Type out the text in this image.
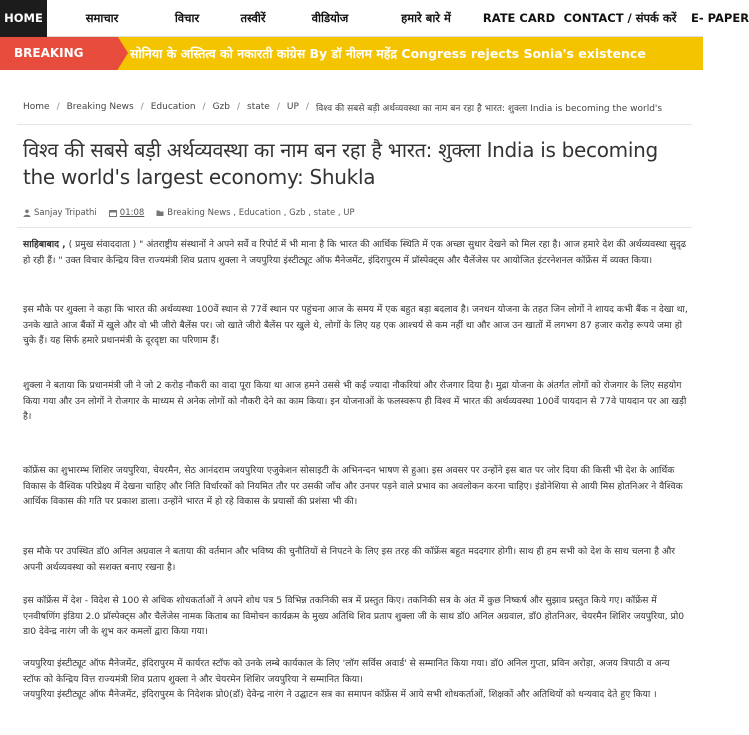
HOME	समाचार	विचार	तस्वीरें	वीडियोज	हमारे बारे में	RATE CARD CONTACT / संपर्क करें	E- PAPER
BREAKING	सोनिया के अस्तित्व को नकारती कांग्रेस By डॉ नीलम महेंद्र Congress rejects Sonia's existence
Home / Breaking News / Education / Gzb / state / UP / विश्व की सबसे बड़ी अर्थव्यवस्था का नाम बन रहा है भारत: शुक्ला India is becoming the world's
विश्व की सबसे बड़ी अर्थव्यवस्था का नाम बन रहा है भारत: शुक्ला India is becoming the world's largest economy: Shukla
Sanjay Tripathi	01:08	Breaking News , Education , Gzb , state , UP

साहिबाबाद , ( प्रमुख संवाददाता ) " अंतराष्ट्रीय संस्थानों ने अपने सर्वे व रिपोर्ट में भी माना है कि भारत की आर्थिक स्थिति में एक अच्छा सुधार देखने को मिल रहा है। आज हमारे देश की अर्थव्यवस्था सुदृढ हो रही हैं। " उक्त विचार केन्द्रिय वित्त राज्यमंत्री शिव प्रताप शुक्ला ने जयपुरिया इंस्टीट्यूट ऑफ मैनेजमेंट, इंदिरापुरम में प्रॉस्पेक्ट्स और चैलेंजेस पर आयोजित इंटरनेशनल कॉफ्रेंस में व्यक्त किया।

इस मौके पर शुक्ला ने कहा कि भारत की अर्थव्यस्था 100वें स्थान से 77वें स्थान पर पहुंचना आज के समय में एक बहुत बड़ा बदलाव है। जनधन योजना के तहत जिन लोगों ने शायद कभी बैंक न देखा था, उनके खाते आज बैंकों में खुले और वो भी जीरो बैलेंस पर। जो खाते जीरो बैलेंस पर खुले थे, लोगों के लिए यह एक आश्चर्य से कम नहीं था और आज उन खातों में लगभग 87 हजार करोड़ रूपये जमा हो चुके हैं। यह सिर्फ हमारे प्रधानमंत्री के दूरदृष्टा का परिणाम हैं।

शुक्ला ने बताया कि प्रधानमंत्री जी ने जो 2 करोड़ नौकरी का वादा पूरा किया था आज हमने उससे भी कई ज्यादा नौकरियां और रोजगार दिया है। मुद्रा योजना के अंतर्गत लोगों को रोजगार के लिए सहयोग किया गया और उन लोगों ने रोजगार के माध्यम से अनेक लोगों को नौकरी देने का काम किया। इन योजनाओं के फलस्वरूप ही विश्व में भारत की अर्थव्यवस्था 100वें पायदान से 77वे पायदान पर आ खड़ी है।

कॉफ्रेंस का शुभारम्भ शिशिर जयपुरिया, चेयरमैन, सेठ आनंदराम जयपुरिया एजुकेशन सोसाइटी के अभिनन्दन भाषण से हुआ। इस अवसर पर उन्होंने इस बात पर जोर दिया की किसी भी देश के आर्थिक विकास के वैश्विक परिप्रेक्ष्य में देखना चाहिए और निति विर्धारकों को नियमित तौर पर उसकी जाँच और उनपर पड़ने वाले प्रभाव का अवलोकन करना चाहिए। इंडोनेशिया से आयी मिस होतनिअर ने वैश्विक आर्थिक विकास की गति पर प्रकाश डाला। उन्होंने भारत में हो रहे विकास के प्रयासों की प्रशंसा भी की।

इस मौके पर उपस्थित डॉ0 अनिल अग्रवाल ने बताया की वर्तमान और भविष्य की चुनौतियों से निपटने के लिए इस तरह की कॉफ्रेंस बहुत मददगार होगी। साथ ही हम सभी को देश के साथ चलना है और अपनी अर्थव्यवस्था को सशक्त बनाए रखना है।

इस कॉफ्रेंस में देश - विदेश से 100 से अधिक शोधकर्ताओं ने अपने शोध पत्र 5 विभिन्न तकनिकी सत्र में प्रस्तुत किए। तकनिकी सत्र के अंत में कुछ निष्कर्ष और सुझाव प्रस्तुत किये गए। कॉफ्रेंस में एनवीषणिंग इंडिया 2.0 प्रॉस्पेक्ट्स और चैलेंजेस नामक किताब का विमोचन कार्यक्रम के मुख्य अतिथि शिव प्रताप शुक्ला जी के साथ डॉ0 अनिल अग्रवाल, डॉ0 होतनिअर, चेयरमैन शिशिर जयपुरिया, प्रो0 डा0 देवेन्द्र नारंग जी के शुभ कर कमलों द्वारा किया गया।

जयपुरिया इंस्टीट्यूट ऑफ मैनेजमेंट, इंदिरापुरम में कार्यरत स्टॉफ को उनके लम्बे कार्यकाल के लिए 'लॉग सर्विस अवार्ड' से सम्मानित किया गया। डॉ0 अनिल गुप्ता, प्रविन अरोड़ा, अजय त्रिपाठी व अन्य स्टॉफ को केन्द्रिय वित्त राज्यमंत्री शिव प्रताप शुक्ला ने और चेयरमेन शिशिर जयपुरिया ने सम्मानित किया।

जयपुरिया इंस्टीट्यूट ऑफ मैनेजमेंट, इंदिरापुरम के निदेशक प्रो0(डॉ) देवेन्द्र नारंग ने उद्घाटन सत्र का समापन कॉफ्रेंस में आये सभी शोधकर्ताओं, शिक्षकों और अतिथियों को धन्यवाद देते हुए किया ।
